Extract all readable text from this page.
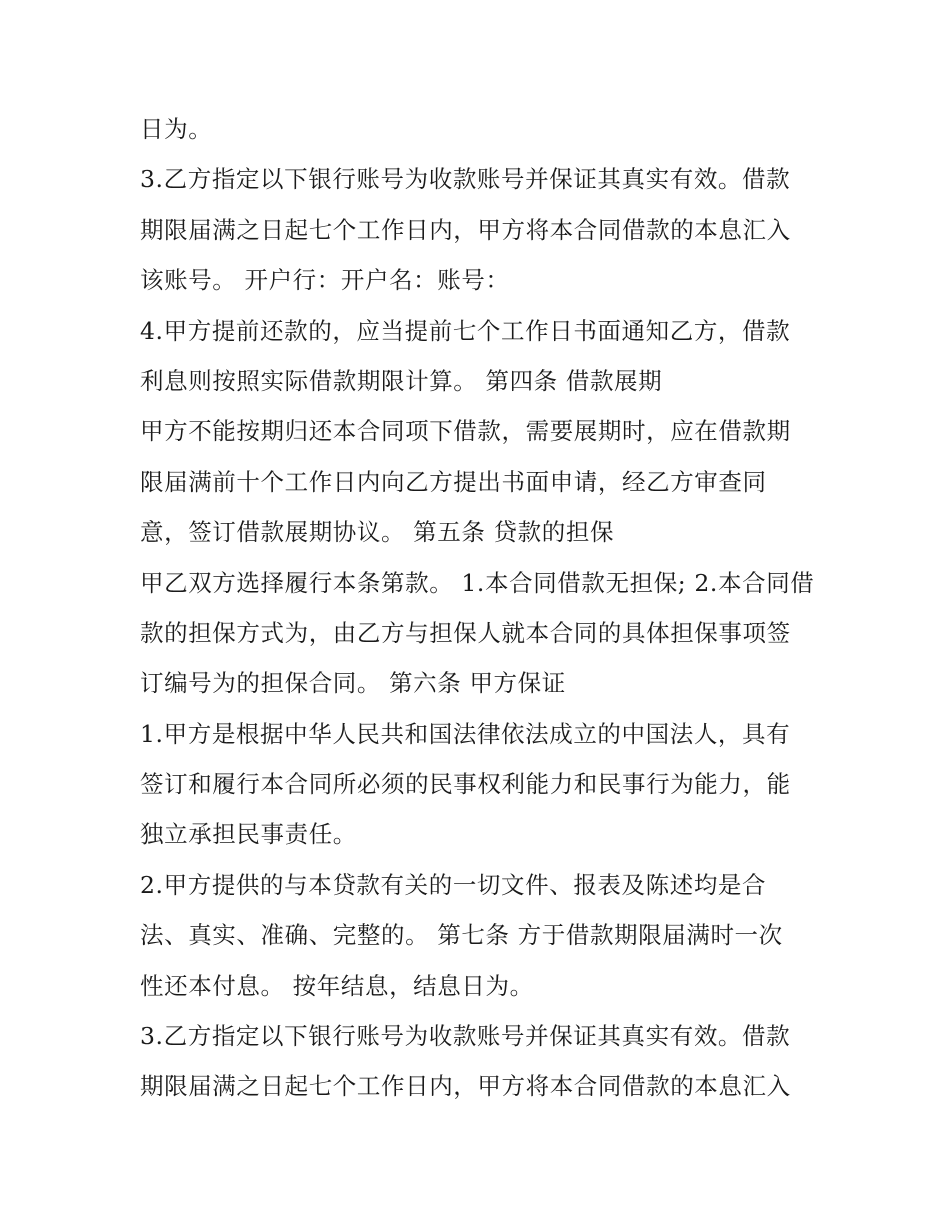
日为。
3.乙方指定以下银行账号为收款账号并保证其真实有效。借款
期限届满之日起七个工作日内，甲方将本合同借款的本息汇入
该账号。 开户行：开户名：账号：
4.甲方提前还款的，应当提前七个工作日书面通知乙方，借款
利息则按照实际借款期限计算。 第四条 借款展期
甲方不能按期归还本合同项下借款，需要展期时，应在借款期
限届满前十个工作日内向乙方提出书面申请，经乙方审查同
意，签订借款展期协议。 第五条 贷款的担保
甲乙双方选择履行本条第款。 1.本合同借款无担保; 2.本合同借
款的担保方式为，由乙方与担保人就本合同的具体担保事项签
订编号为的担保合同。 第六条 甲方保证
1.甲方是根据中华人民共和国法律依法成立的中国法人，具有
签订和履行本合同所必须的民事权利能力和民事行为能力，能
独立承担民事责任。
2.甲方提供的与本贷款有关的一切文件、报表及陈述均是合
法、真实、准确、完整的。 第七条 方于借款期限届满时一次
性还本付息。 按年结息，结息日为。
3.乙方指定以下银行账号为收款账号并保证其真实有效。借款
期限届满之日起七个工作日内，甲方将本合同借款的本息汇入
